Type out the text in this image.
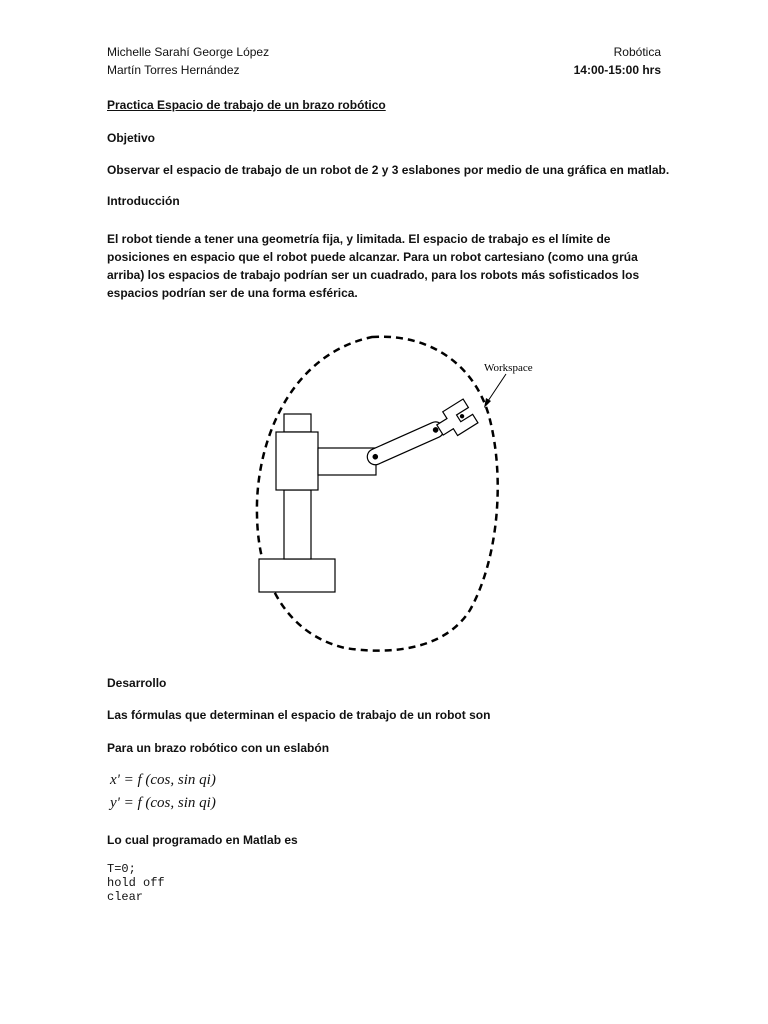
Michelle Sarahí George López
Martín Torres Hernández
Robótica
14:00-15:00 hrs
Practica Espacio de trabajo de un brazo robótico
Objetivo
Observar el espacio de trabajo de un robot de 2 y 3 eslabones por medio de una gráfica en matlab.
Introducción
El robot tiende a tener una geometría fija, y limitada. El espacio de trabajo es el límite de
posiciones en espacio que el robot puede alcanzar. Para un robot cartesiano (como una grúa
arriba) los espacios de trabajo podrían ser un cuadrado, para los robots más sofisticados los
espacios podrían ser de una forma esférica.
Workspace
Desarrollo
Las fórmulas que determinan el espacio de trabajo de un robot son
Para un brazo robótico con un eslabón
x' = f (cos, sin qi)
y' = f (cos, sin qi)
Lo cual programado en Matlab es
T=0;
hold off
clear
